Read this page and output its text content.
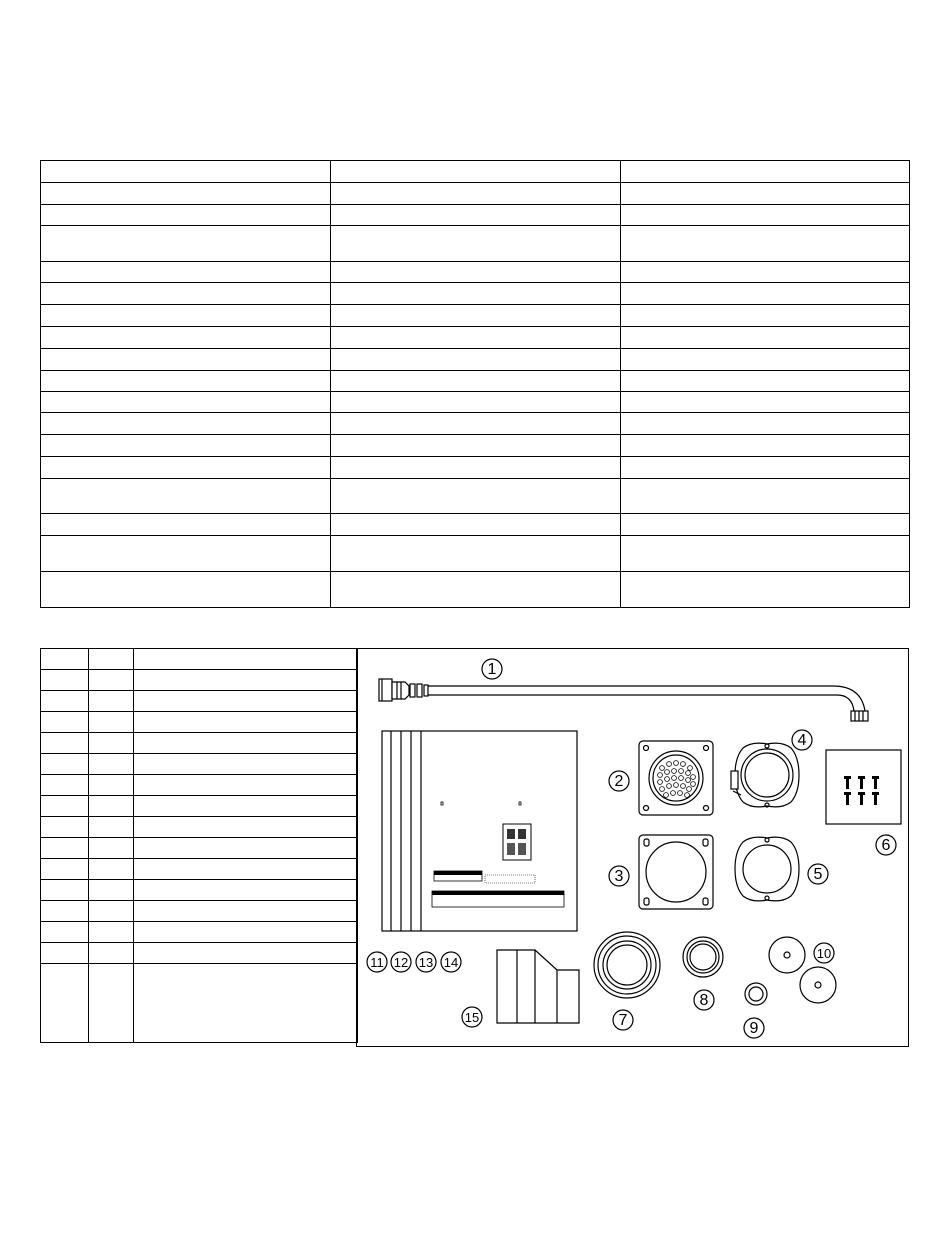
1
2
3
4
5
6
7
8
9
10
11 12 13 14
15
